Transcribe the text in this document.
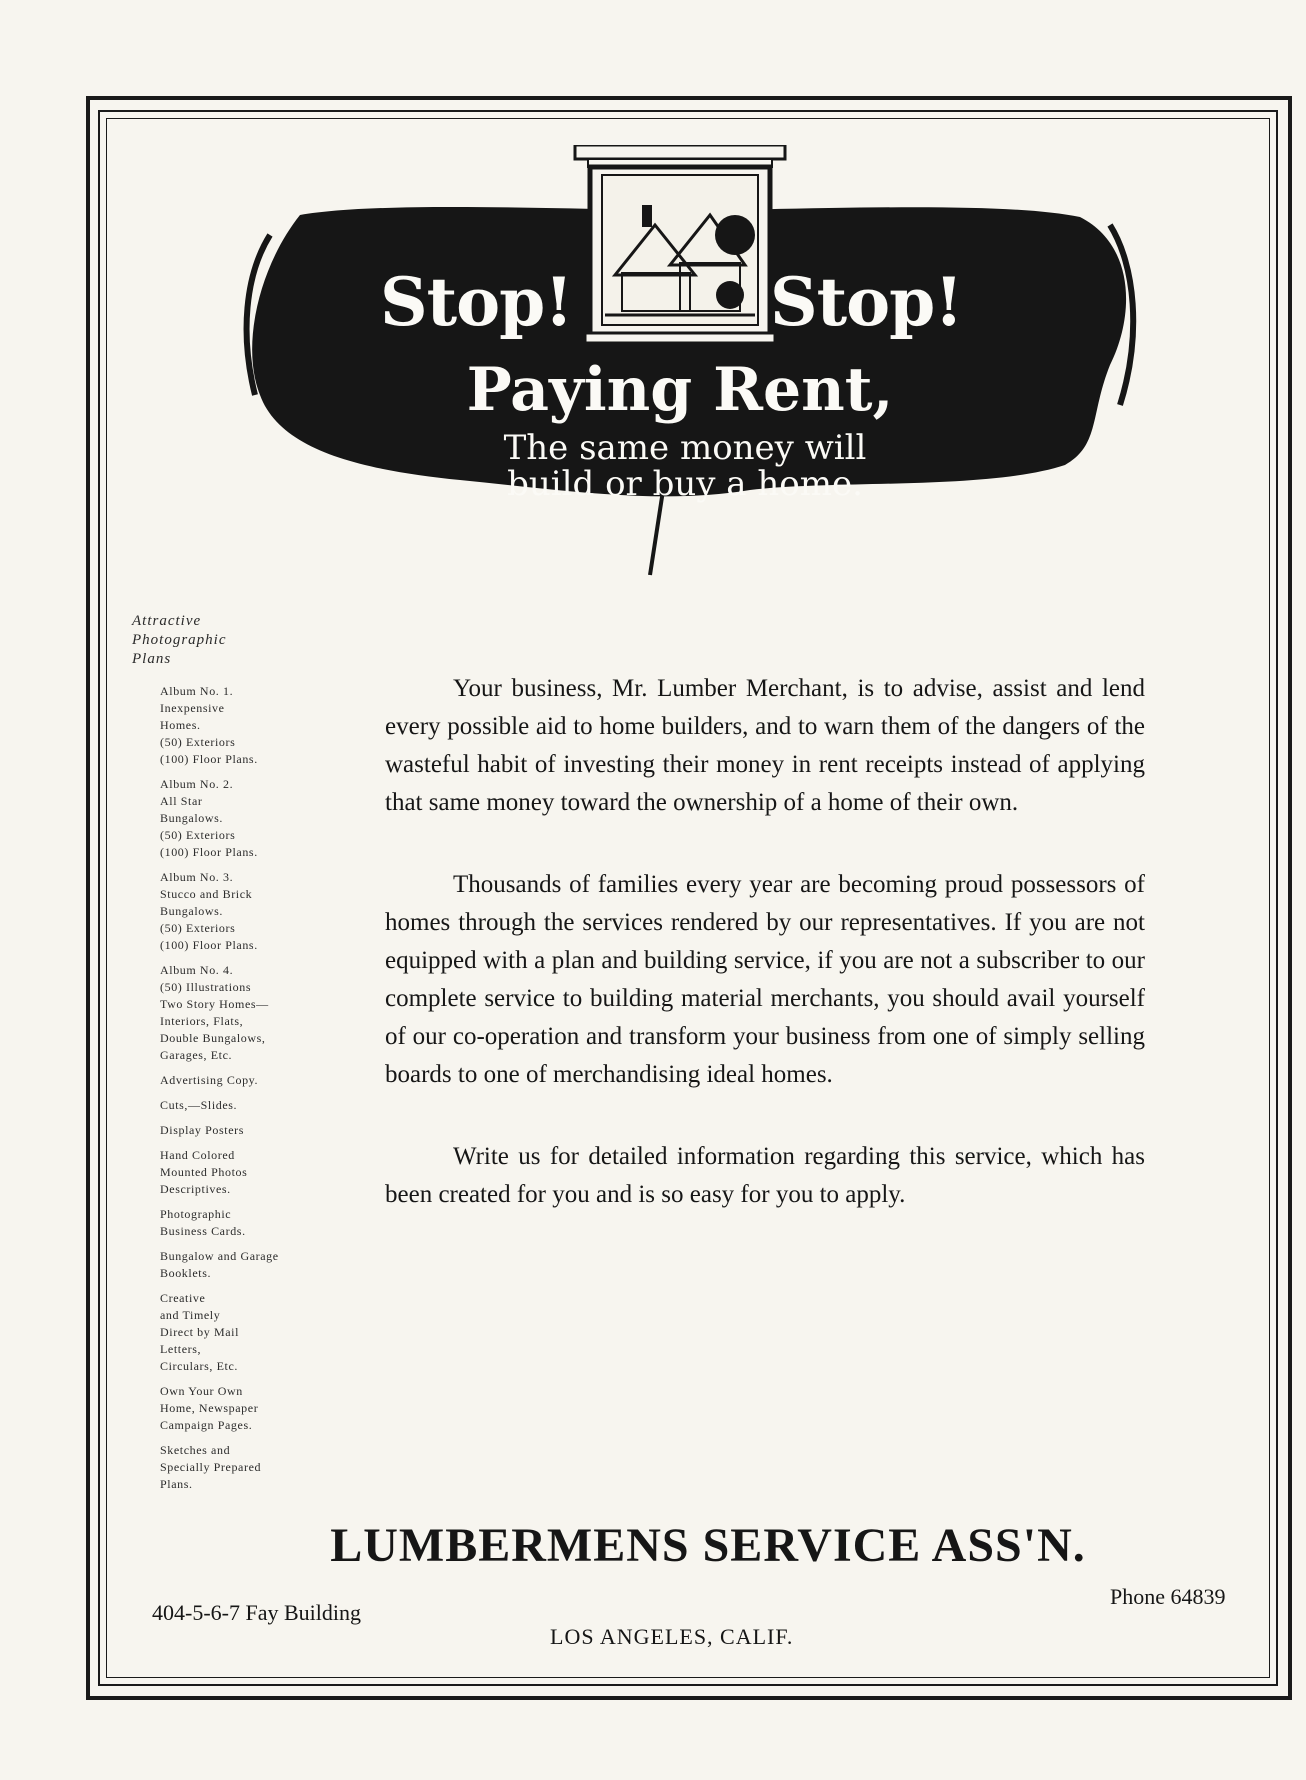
Stop!	Stop!
Paying Rent,
The same money will
build or buy a home.
Attractive
Photographic
Plans
Album No. 1.
Inexpensive
Homes.
(50) Exteriors
(100) Floor Plans.
Album No. 2.
All Star
Bungalows.
(50) Exteriors
(100) Floor Plans.
Album No. 3.
Stucco and Brick
Bungalows.
(50) Exteriors
(100) Floor Plans.
Album No. 4.
(50) Illustrations
Two Story Homes—
Interiors, Flats,
Double Bungalows,
Garages, Etc.
Advertising Copy.
Cuts,—Slides.
Display Posters
Hand Colored
Mounted Photos
Descriptives.
Photographic
Business Cards.
Bungalow and Garage
Booklets.
Creative
and Timely
Direct by Mail
Letters,
Circulars, Etc.
Own Your Own
Home, Newspaper
Campaign Pages.
Sketches and
Specially Prepared
Plans.

Your business, Mr. Lumber Merchant, is to advise, assist and lend every possible aid to home builders, and to warn them of the dangers of the wasteful habit of investing their money in rent receipts instead of applying that same money toward the ownership of a home of their own.

Thousands of families every year are becoming proud possessors of homes through the services rendered by our representatives. If you are not equipped with a plan and building service, if you are not a subscriber to our complete service to building material merchants, you should avail yourself of our co-operation and transform your business from one of simply selling boards to one of merchandising ideal homes.

Write us for detailed information regarding this service, which has been created for you and is so easy for you to apply.

LUMBERMENS SERVICE ASS'N.
404-5-6-7 Fay Building
Phone 64839
LOS ANGELES, CALIF.
